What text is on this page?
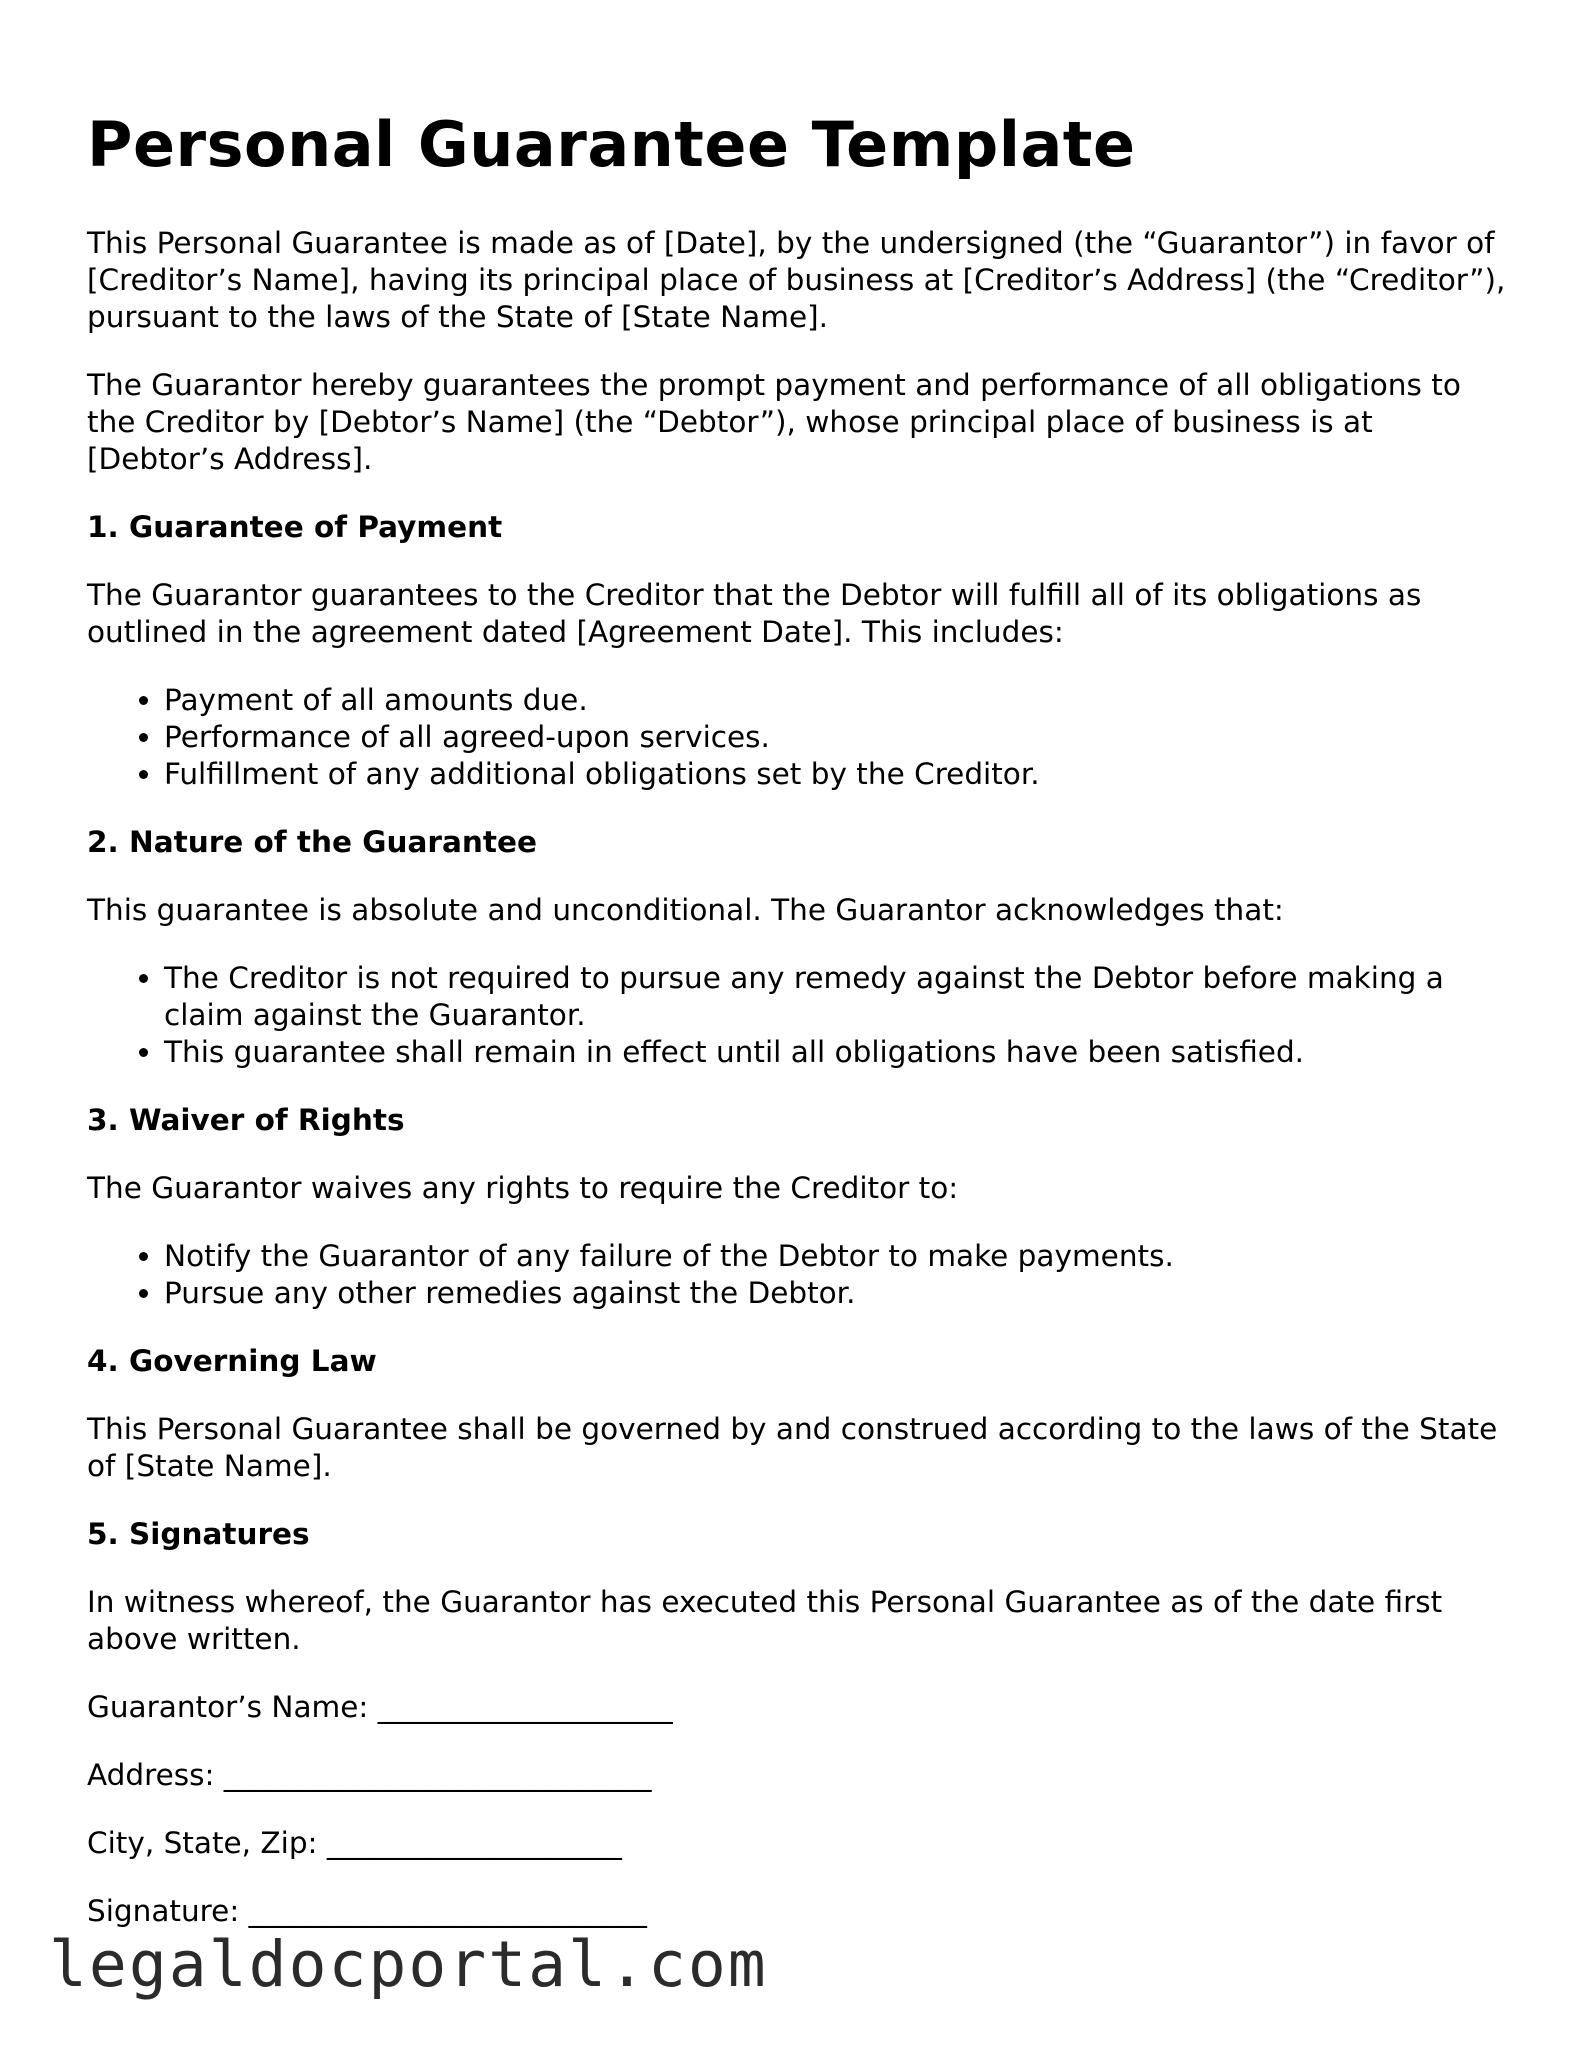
Personal Guarantee Template

This Personal Guarantee is made as of [Date], by the undersigned (the “Guarantor”) in favor of [Creditor’s Name], having its principal place of business at [Creditor’s Address] (the “Creditor”), pursuant to the laws of the State of [State Name].

The Guarantor hereby guarantees the prompt payment and performance of all obligations to the Creditor by [Debtor’s Name] (the “Debtor”), whose principal place of business is at [Debtor’s Address].

1. Guarantee of Payment

The Guarantor guarantees to the Creditor that the Debtor will fulfill all of its obligations as outlined in the agreement dated [Agreement Date]. This includes:

• Payment of all amounts due.
• Performance of all agreed-upon services.
• Fulfillment of any additional obligations set by the Creditor.
2. Nature of the Guarantee

This guarantee is absolute and unconditional. The Guarantor acknowledges that:

• The Creditor is not required to pursue any remedy against the Debtor before making a claim against the Guarantor.
• This guarantee shall remain in effect until all obligations have been satisfied.
3. Waiver of Rights

The Guarantor waives any rights to require the Creditor to:

• Notify the Guarantor of any failure of the Debtor to make payments.
• Pursue any other remedies against the Debtor.
4. Governing Law

This Personal Guarantee shall be governed by and construed according to the laws of the State of [State Name].

5. Signatures

In witness whereof, the Guarantor has executed this Personal Guarantee as of the date first above written.

Guarantor’s Name: ____________________

Address: _____________________________

City, State, Zip: ____________________

Signature: ___________________________

legaldocportal.com
